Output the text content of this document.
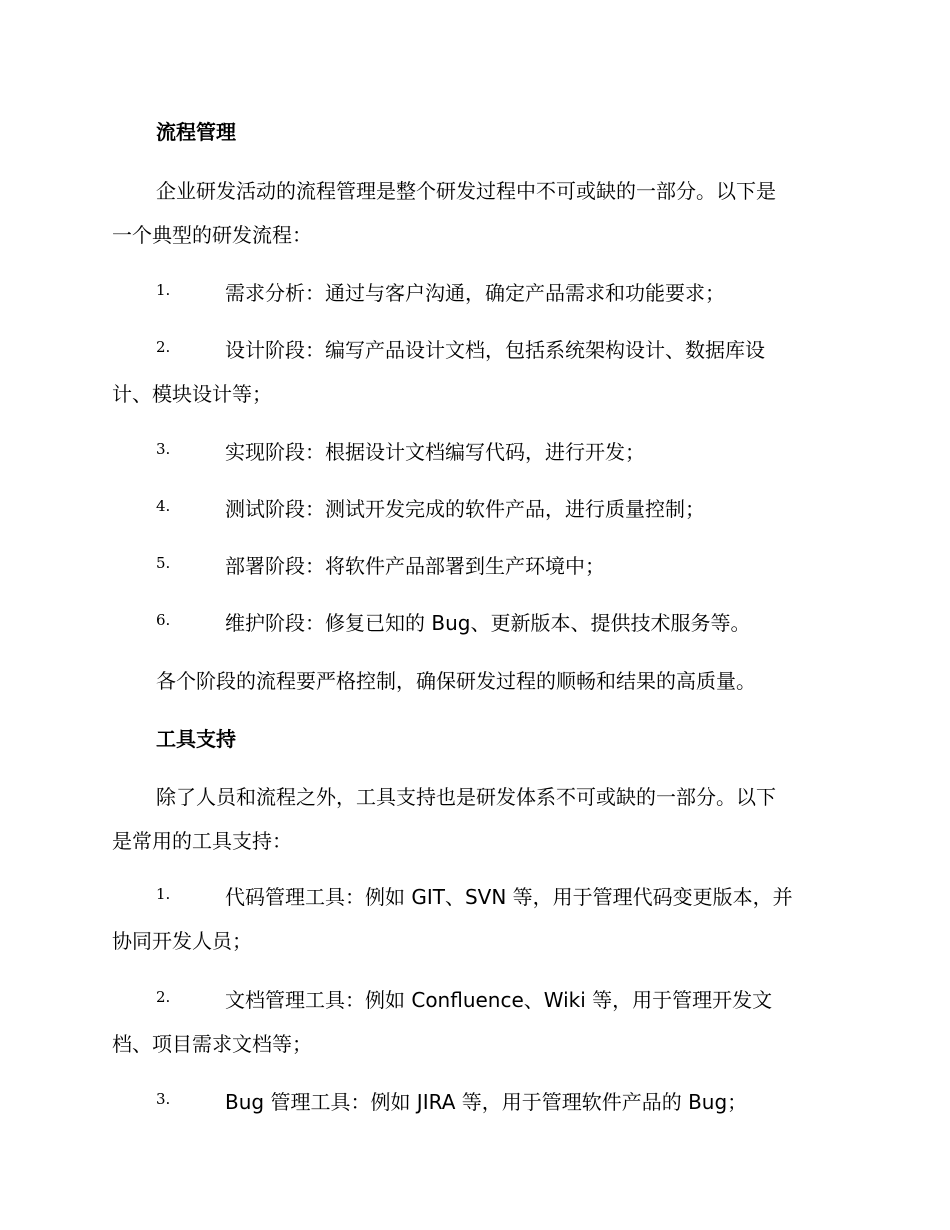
流程管理
企业研发活动的流程管理是整个研发过程中不可或缺的一部分。以下是
一个典型的研发流程：
1.	需求分析：通过与客户沟通，确定产品需求和功能要求；
2.	设计阶段：编写产品设计文档，包括系统架构设计、数据库设
计、模块设计等；
3.	实现阶段：根据设计文档编写代码，进行开发；
4.	测试阶段：测试开发完成的软件产品，进行质量控制；
5.	部署阶段：将软件产品部署到生产环境中；
6.	维护阶段：修复已知的 Bug、更新版本、提供技术服务等。
各个阶段的流程要严格控制，确保研发过程的顺畅和结果的高质量。
工具支持
除了人员和流程之外，工具支持也是研发体系不可或缺的一部分。以下
是常用的工具支持：
1.	代码管理工具：例如 GIT、SVN 等，用于管理代码变更版本，并
协同开发人员；
2.	文档管理工具：例如 Confluence、Wiki 等，用于管理开发文
档、项目需求文档等；
3.	Bug 管理工具：例如 JIRA 等，用于管理软件产品的 Bug；
